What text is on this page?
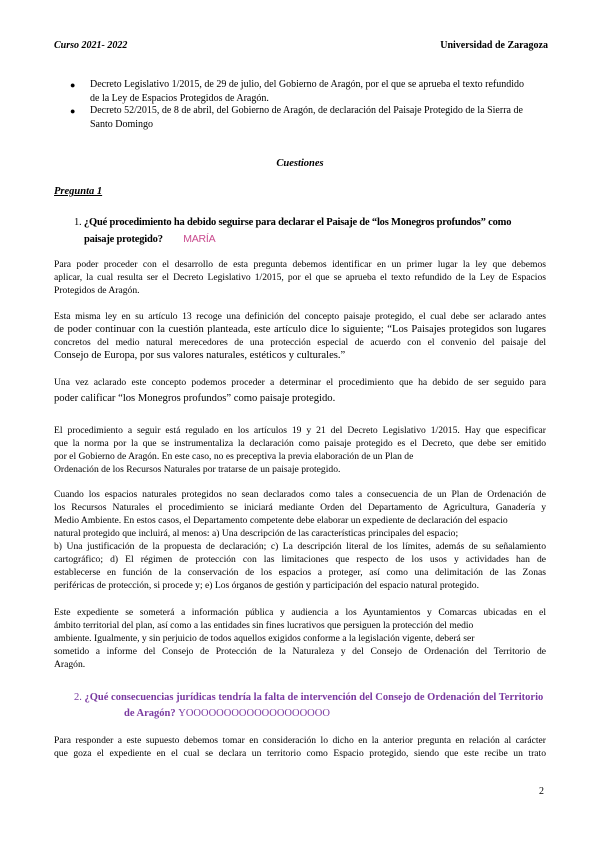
Curso 2021- 2022	Universidad de Zaragoza
● Decreto Legislativo 1/2015, de 29 de julio, del Gobierno de Aragón, por el que se aprueba el texto refundido
de la Ley de Espacios Protegidos de Aragón.
● Decreto 52/2015, de 8 de abril, del Gobierno de Aragón, de declaración del Paisaje Protegido de la Sierra de
Santo Domingo
Cuestiones
Pregunta 1
1. ¿Qué procedimiento ha debido seguirse para declarar el Paisaje de “los Monegros profundos” como
paisaje protegido? MARÍA
Para poder proceder con el desarrollo de esta pregunta debemos identificar en un primer lugar la ley que debemos
aplicar, la cual resulta ser el Decreto Legislativo 1/2015, por el que se aprueba el texto refundido de la Ley de Espacios
Protegidos de Aragón.
Esta misma ley en su artículo 13 recoge una definición del concepto paisaje protegido, el cual debe ser aclarado antes
de poder continuar con la cuestión planteada, este artículo dice lo siguiente; “Los Paisajes protegidos son lugares
concretos del medio natural merecedores de una protección especial de acuerdo con el convenio del paisaje del
Consejo de Europa, por sus valores naturales, estéticos y culturales.”
Una vez aclarado este concepto podemos proceder a determinar el procedimiento que ha debido de ser seguido para
poder calificar “los Monegros profundos” como paisaje protegido.
El procedimiento a seguir está regulado en los artículos 19 y 21 del Decreto Legislativo 1/2015. Hay que especificar
que la norma por la que se instrumentaliza la declaración como paisaje protegido es el Decreto, que debe ser emitido
por el Gobierno de Aragón. En este caso, no es preceptiva la previa elaboración de un Plan de
Ordenación de los Recursos Naturales por tratarse de un paisaje protegido.
Cuando los espacios naturales protegidos no sean declarados como tales a consecuencia de un Plan de Ordenación de
los Recursos Naturales el procedimiento se iniciará mediante Orden del Departamento de Agricultura, Ganadería y
Medio Ambiente. En estos casos, el Departamento competente debe elaborar un expediente de declaración del espacio
natural protegido que incluirá, al menos: a) Una descripción de las características principales del espacio;
b) Una justificación de la propuesta de declaración; c) La descripción literal de los límites, además de su señalamiento
cartográfico; d) El régimen de protección con las limitaciones que respecto de los usos y actividades han de
establecerse en función de la conservación de los espacios a proteger, así como una delimitación de las Zonas
periféricas de protección, si procede y; e) Los órganos de gestión y participación del espacio natural protegido.
Este expediente se someterá a información pública y audiencia a los Ayuntamientos y Comarcas ubicadas en el
ámbito territorial del plan, así como a las entidades sin fines lucrativos que persiguen la protección del medio
ambiente. Igualmente, y sin perjuicio de todos aquellos exigidos conforme a la legislación vigente, deberá ser
sometido a informe del Consejo de Protección de la Naturaleza y del Consejo de Ordenación del Territorio de
Aragón.
2. ¿Qué consecuencias jurídicas tendría la falta de intervención del Consejo de Ordenación del Territorio
de Aragón? YOOOOOOOOOOOOOOOOOOO
Para responder a este supuesto debemos tomar en consideración lo dicho en la anterior pregunta en relación al carácter
que goza el expediente en el cual se declara un territorio como Espacio protegido, siendo que este recibe un trato
2
